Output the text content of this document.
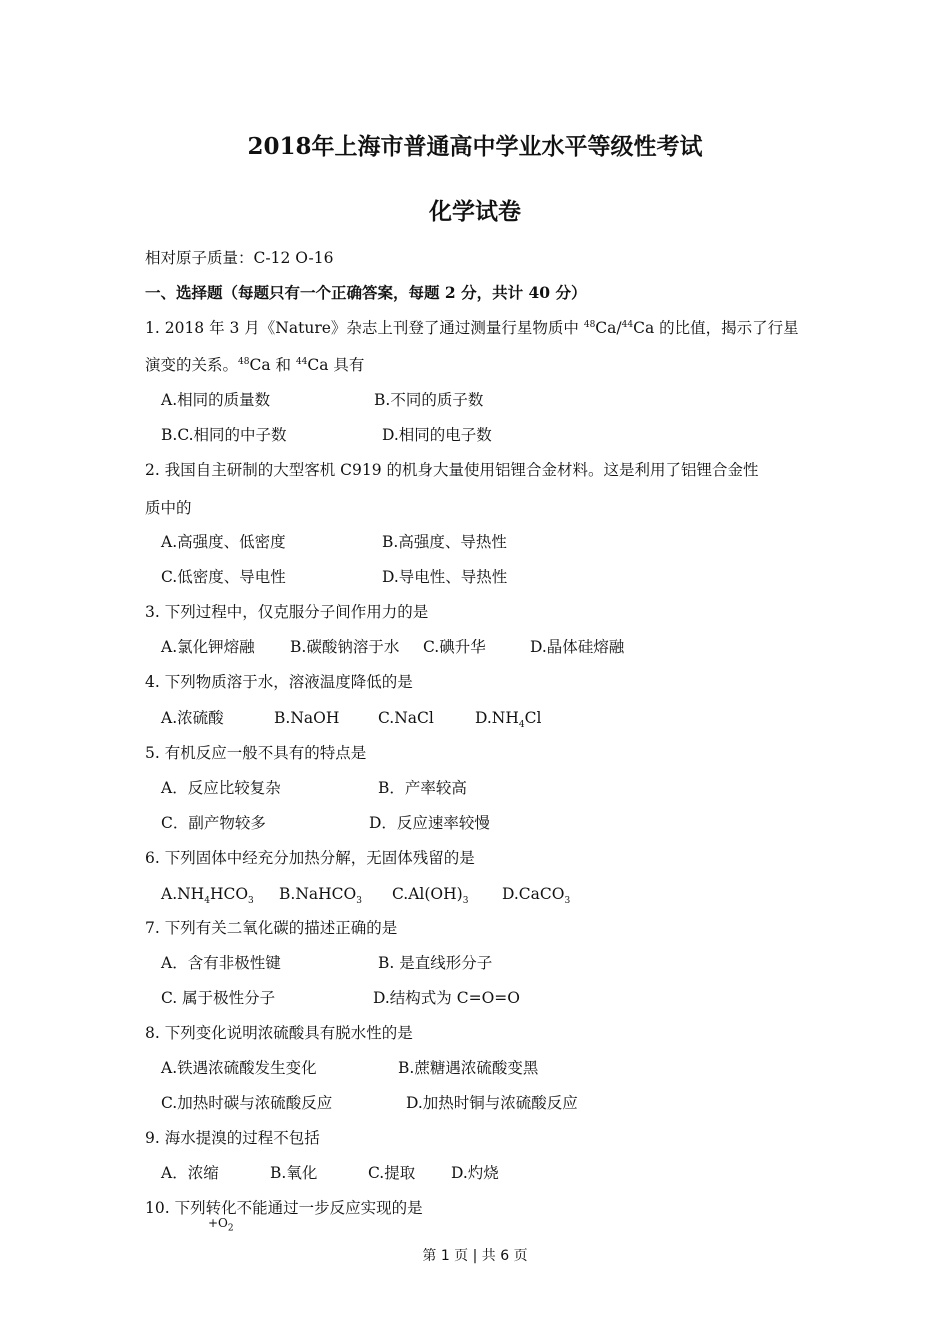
2018年上海市普通高中学业水平等级性考试
化学试卷
相对原子质量：C-12 O-16
一、选择题（每题只有一个正确答案，每题 2 分，共计 40 分）
1. 2018 年 3 月《Nature》杂志上刊登了通过测量行星物质中 $^{48}$Ca/$^{44}$Ca 的比值，揭示了行星
演变的关系。$^{48}$Ca 和 $^{44}$Ca 具有
A.相同的质量数	B.不同的质子数
B.C.相同的中子数	D.相同的电子数
2. 我国自主研制的大型客机 C919 的机身大量使用铝锂合金材料。这是利用了铝锂合金性
质中的
A.高强度、低密度	B.高强度、导热性
C.低密度、导电性	D.导电性、导热性
3. 下列过程中，仅克服分子间作用力的是
A.氯化钾熔融 B.碳酸钠溶于水 C.碘升华	D.晶体硅熔融
4. 下列物质溶于水，溶液温度降低的是
A.浓硫酸	B.NaOH C.NaCl	$D.NH_4Cl$
5. 有机反应一般不具有的特点是
A．反应比较复杂	B．产率较高
C．副产物较多	D．反应速率较慢
6. 下列固体中经充分加热分解，无固体残留的是
$A.NH_4HCO_3$ B.NaHCO$_3$ $C.Al(OH)_3$ D.CaCO$_3$
7. 下列有关二氧化碳的描述正确的是
A．含有非极性键	B. 是直线形分子
C. 属于极性分子	D.结构式为 C=O=O
8. 下列变化说明浓硫酸具有脱水性的是
A.铁遇浓硫酸发生变化	B.蔗糖遇浓硫酸变黑
C.加热时碳与浓硫酸反应	D.加热时铜与浓硫酸反应
9. 海水提溴的过程不包括
A．浓缩	B.氧化	C.提取 D.灼烧
10. 下列转化不能通过一步反应实现的是
$+O_2$
第 1 页 | 共 6 页
